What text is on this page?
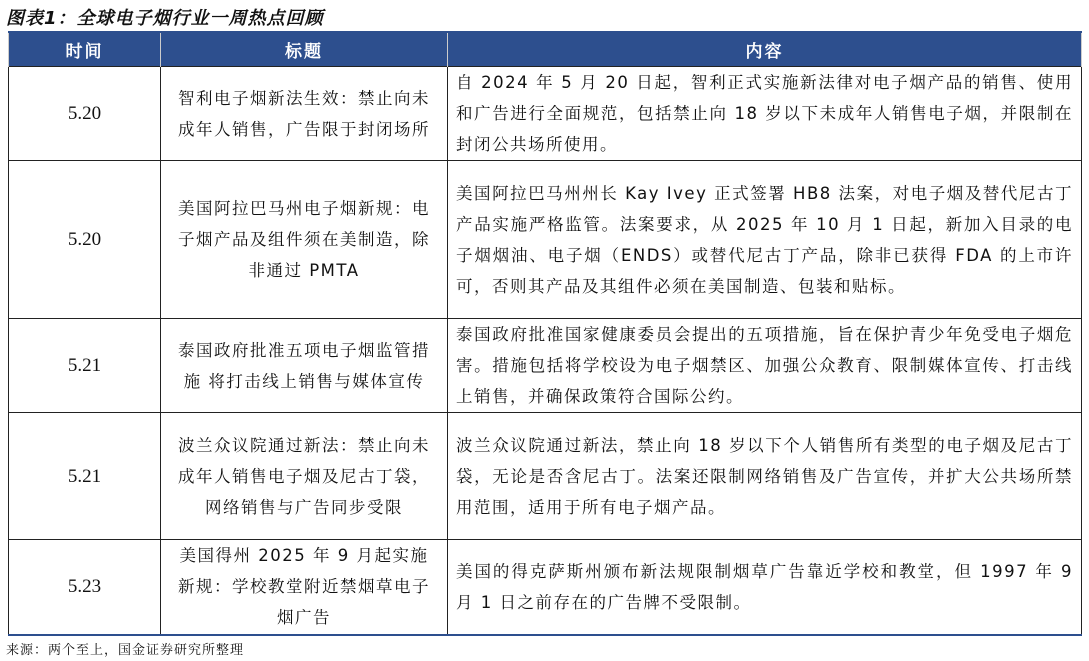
图表1：全球电子烟行业一周热点回顾
时间	标题	内容
5.20	智利电子烟新法生效：禁止向未成年人销售，广告限于封闭场所	自 2024 年 5 月 20 日起，智利正式实施新法律对电子烟产品的销售、使用和广告进行全面规范，包括禁止向 18 岁以下未成年人销售电子烟，并限制在封闭公共场所使用。
5.20	美国阿拉巴马州电子烟新规：电子烟产品及组件须在美制造，除非通过 PMTA	美国阿拉巴马州州长 Kay Ivey 正式签署 HB8 法案，对电子烟及替代尼古丁产品实施严格监管。法案要求，从 2025 年 10 月 1 日起，新加入目录的电子烟烟油、电子烟（ENDS）或替代尼古丁产品，除非已获得 FDA 的上市许可，否则其产品及其组件必须在美国制造、包装和贴标。
5.21	泰国政府批准五项电子烟监管措施 将打击线上销售与媒体宣传	泰国政府批准国家健康委员会提出的五项措施，旨在保护青少年免受电子烟危害。措施包括将学校设为电子烟禁区、加强公众教育、限制媒体宣传、打击线上销售，并确保政策符合国际公约。
5.21	波兰众议院通过新法：禁止向未成年人销售电子烟及尼古丁袋，网络销售与广告同步受限	波兰众议院通过新法，禁止向 18 岁以下个人销售所有类型的电子烟及尼古丁袋，无论是否含尼古丁。法案还限制网络销售及广告宣传，并扩大公共场所禁用范围，适用于所有电子烟产品。
5.23	美国得州 2025 年 9 月起实施新规：学校教堂附近禁烟草电子烟广告	美国的得克萨斯州颁布新法规限制烟草广告靠近学校和教堂，但 1997 年 9 月 1 日之前存在的广告牌不受限制。
来源：两个至上，国金证券研究所整理
